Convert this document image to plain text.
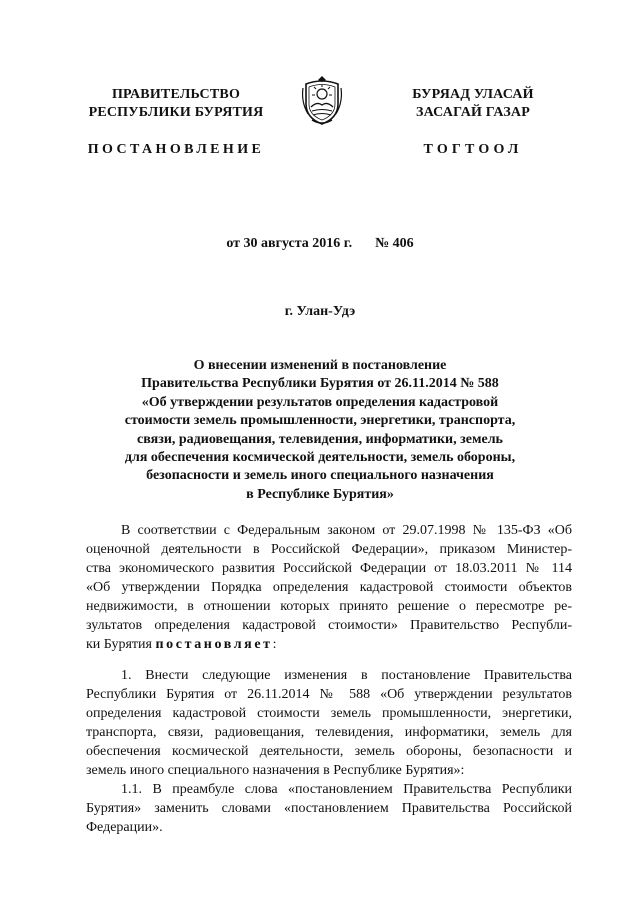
ПРАВИТЕЛЬСТВО
РЕСПУБЛИКИ БУРЯТИЯ
ПОСТАНОВЛЕНИЕ
БУРЯАД УЛАСАЙ
ЗАСАГАЙ ГАЗАР
ТОГТООЛ
от 30 августа 2016 г. № 406
г. Улан-Удэ
О внесении изменений в постановление
Правительства Республики Бурятия от 26.11.2014 № 588
«Об утверждении результатов определения кадастровой
стоимости земель промышленности, энергетики, транспорта,
связи, радиовещания, телевидения, информатики, земель
для обеспечения космической деятельности, земель обороны,
безопасности и земель иного специального назначения
в Республике Бурятия»

В соответствии с Федеральным законом от 29.07.1998 № 135-ФЗ «Об
оценочной деятельности в Российской Федерации», приказом Министер-
ства экономического развития Российской Федерации от 18.03.2011 № 114
«Об утверждении Порядка определения кадастровой стоимости объектов
недвижимости, в отношении которых принято решение о пересмотре ре-
зультатов определения кадастровой стоимости» Правительство Республи-
ки Бурятия постановляет:

1. Внести следующие изменения в постановление Правительства
Республики Бурятия от 26.11.2014 № 588 «Об утверждении результатов
определения кадастровой стоимости земель промышленности, энергетики,
транспорта, связи, радиовещания, телевидения, информатики, земель для
обеспечения космической деятельности, земель обороны, безопасности и
земель иного специального назначения в Республике Бурятия»:

1.1. В преамбуле слова «постановлением Правительства Республики
Бурятия» заменить словами «постановлением Правительства Российской
Федерации».
